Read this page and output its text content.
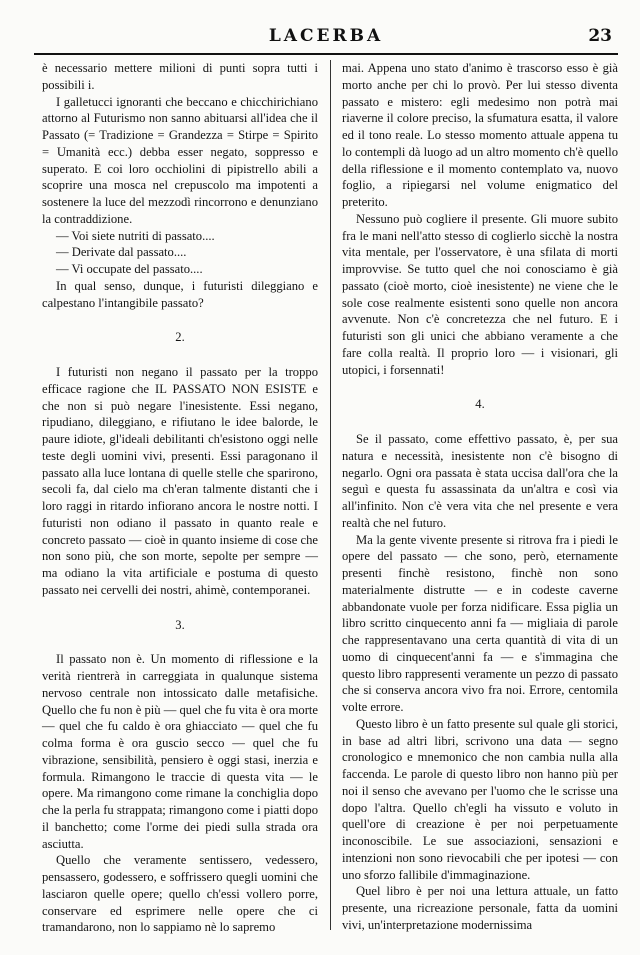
LACERBA	23

è necessario mettere milioni di punti sopra tutti i possibili i.

I galletucci ignoranti che beccano e chicchirichiano attorno al Futurismo non sanno abituarsi all'idea che il Passato (= Tradizione = Grandezza = Stirpe = Spirito = Umanità ecc.) debba esser negato, soppresso e superato. E coi loro occhiolini di pipistrello abili a scoprire una mosca nel crepuscolo ma impotenti a sostenere la luce del mezzodì rincorrono e denunziano la contraddizione.

— Voi siete nutriti di passato....

— Derivate dal passato....

— Vi occupate del passato....

In qual senso, dunque, i futuristi dileggiano e calpestano l'intangibile passato?

2.

I futuristi non negano il passato per la troppo efficace ragione che IL PASSATO NON ESISTE e che non si può negare l'inesistente. Essi negano, ripudiano, dileggiano, e rifiutano le idee balorde, le paure idiote, gl'ideali debilitanti ch'esistono oggi nelle teste degli uomini vivi, presenti. Essi paragonano il passato alla luce lontana di quelle stelle che sparirono, secoli fa, dal cielo ma ch'eran talmente distanti che i loro raggi in ritardo infiorano ancora le nostre notti. I futuristi non odiano il passato in quanto reale e concreto passato — cioè in quanto insieme di cose che non sono più, che son morte, sepolte per sempre — ma odiano la vita artificiale e postuma di questo passato nei cervelli dei nostri, ahimè, contemporanei.

3.

Il passato non è. Un momento di riflessione e la verità rientrerà in carreggiata in qualunque sistema nervoso centrale non intossicato dalle metafisiche. Quello che fu non è più — quel che fu vita è ora morte — quel che fu caldo è ora ghiacciato — quel che fu colma forma è ora guscio secco — quel che fu vibrazione, sensibilità, pensiero è oggi stasi, inerzia e formula. Rimangono le traccie di questa vita — le opere. Ma rimangono come rimane la conchiglia dopo che la perla fu strappata; rimangono come i piatti dopo il banchetto; come l'orme dei piedi sulla strada ora asciutta.

Quello che veramente sentissero, vedessero, pensassero, godessero, e soffrissero quegli uomini che lasciaron quelle opere; quello ch'essi vollero porre, conservare ed esprimere nelle opere che ci tramandarono, non lo sappiamo nè lo sapremo

mai. Appena uno stato d'animo è trascorso esso è già morto anche per chi lo provò. Per lui stesso diventa passato e mistero: egli medesimo non potrà mai riaverne il colore preciso, la sfumatura esatta, il valore ed il tono reale. Lo stesso momento attuale appena tu lo contempli dà luogo ad un altro momento ch'è quello della riflessione e il momento contemplato va, nuovo foglio, a ripiegarsi nel volume enigmatico del preterito.

Nessuno può cogliere il presente. Gli muore subito fra le mani nell'atto stesso di coglierlo sicchè la nostra vita mentale, per l'osservatore, è una sfilata di morti improvvise. Se tutto quel che noi conosciamo è già passato (cioè morto, cioè inesistente) ne viene che le sole cose realmente esistenti sono quelle non ancora avvenute. Non c'è concretezza che nel futuro. E i futuristi son gli unici che abbiano veramente a che fare colla realtà. Il proprio loro — i visionari, gli utopici, i forsennati!

4.

Se il passato, come effettivo passato, è, per sua natura e necessità, inesistente non c'è bisogno di negarlo. Ogni ora passata è stata uccisa dall'ora che la seguì e questa fu assassinata da un'altra e così via all'infinito. Non c'è vera vita che nel presente e vera realtà che nel futuro.

Ma la gente vivente presente si ritrova fra i piedi le opere del passato — che sono, però, eternamente presenti finchè resistono, finchè non sono materialmente distrutte — e in codeste caverne abbandonate vuole per forza nidificare. Essa piglia un libro scritto cinquecento anni fa — migliaia di parole che rappresentavano una certa quantità di vita di un uomo di cinquecent'anni fa — e s'immagina che questo libro rappresenti veramente un pezzo di passato che si conserva ancora vivo fra noi. Errore, centomila volte errore.

Questo libro è un fatto presente sul quale gli storici, in base ad altri libri, scrivono una data — segno cronologico e mnemonico che non cambia nulla alla faccenda. Le parole di questo libro non hanno più per noi il senso che avevano per l'uomo che le scrisse una dopo l'altra. Quello ch'egli ha vissuto e voluto in quell'ore di creazione è per noi perpetuamente inconoscibile. Le sue associazioni, sensazioni e intenzioni non sono rievocabili che per ipotesi — con uno sforzo fallibile d'immaginazione.

Quel libro è per noi una lettura attuale, un fatto presente, una ricreazione personale, fatta da uomini vivi, un'interpretazione modernissima
